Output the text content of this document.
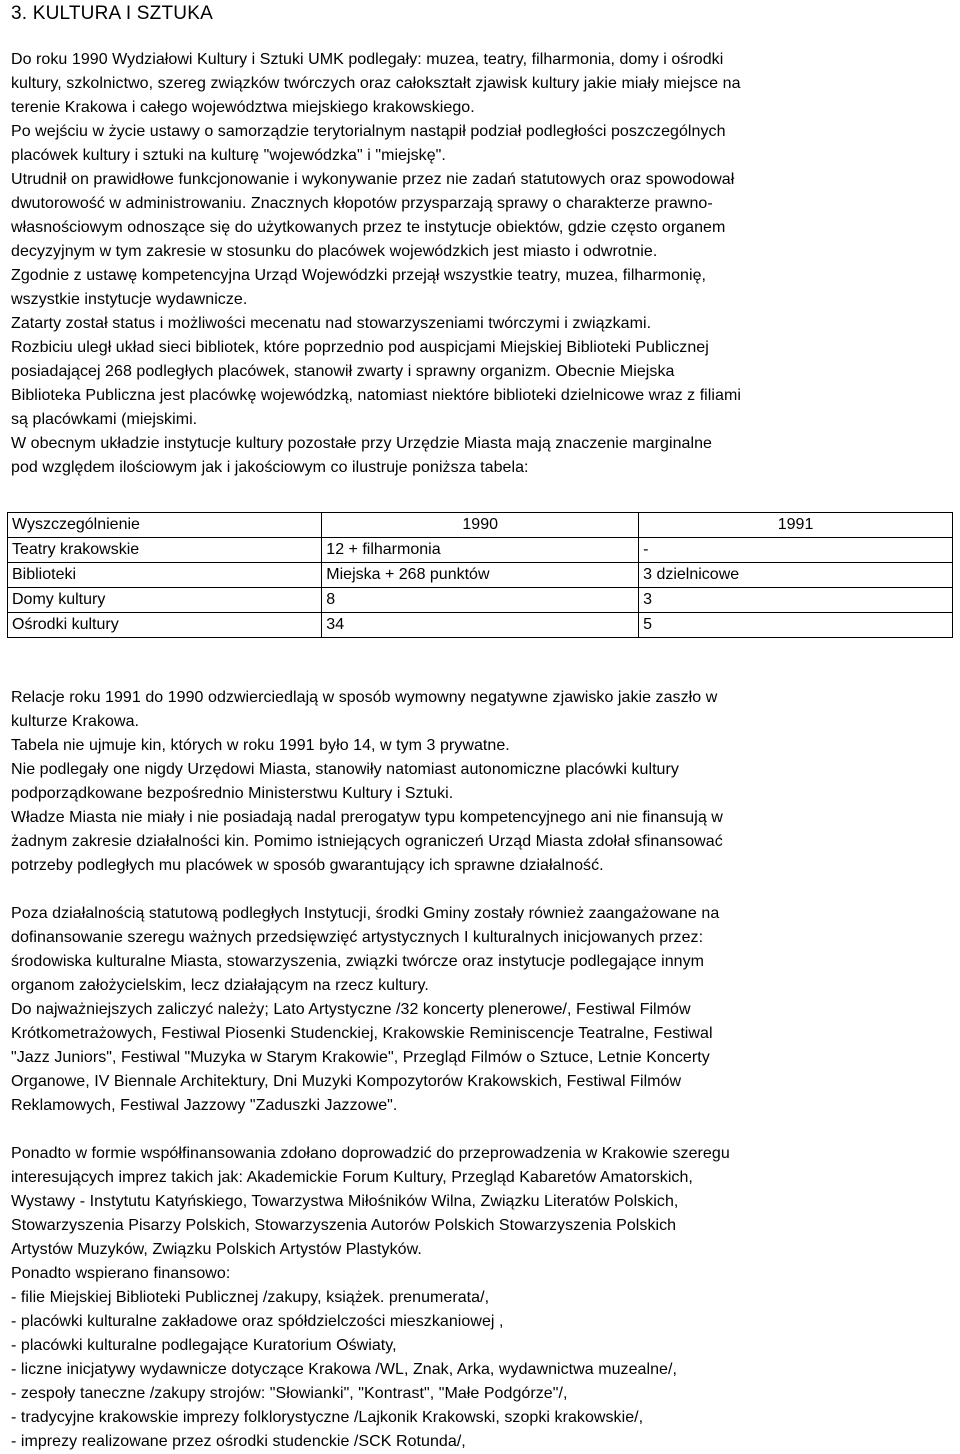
3. KULTURA I SZTUKA

Do roku 1990 Wydziałowi Kultury i Sztuki UMK podlegały: muzea, teatry, filharmonia, domy i ośrodki
kultury, szkolnictwo, szereg związków twórczych oraz całokształt zjawisk kultury jakie miały miejsce na
terenie Krakowa i całego województwa miejskiego krakowskiego.
Po wejściu w życie ustawy o samorządzie terytorialnym nastąpił podział podległości poszczególnych
placówek kultury i sztuki na kulturę "wojewódzka" i "miejskę".
Utrudnił on prawidłowe funkcjonowanie i wykonywanie przez nie zadań statutowych oraz spowodował
dwutorowość w administrowaniu. Znacznych kłopotów przysparzają sprawy o charakterze prawno-
własnościowym odnoszące się do użytkowanych przez te instytucje obiektów, gdzie często organem
decyzyjnym w tym zakresie w stosunku do placówek wojewódzkich jest miasto i odwrotnie.
Zgodnie z ustawę kompetencyjna Urząd Wojewódzki przejął wszystkie teatry, muzea, filharmonię,
wszystkie instytucje wydawnicze.
Zatarty został status i możliwości mecenatu nad stowarzyszeniami twórczymi i związkami.
Rozbiciu uległ układ sieci bibliotek, które poprzednio pod auspicjami Miejskiej Biblioteki Publicznej
posiadającej 268 podległych placówek, stanowił zwarty i sprawny organizm. Obecnie Miejska
Biblioteka Publiczna jest placówkę wojewódzką, natomiast niektóre biblioteki dzielnicowe wraz z filiami
są placówkami (miejskimi.
W obecnym układzie instytucje kultury pozostałe przy Urzędzie Miasta mają znaczenie marginalne
pod względem ilościowym jak i jakościowym co ilustruje poniższa tabela:

Wyszczególnienie	1990	1991
Teatry krakowskie	12 + filharmonia	-
Biblioteki	Miejska + 268 punktów	3 dzielnicowe
Domy kultury	8	3
Ośrodki kultury	34	5

Relacje roku 1991 do 1990 odzwierciedlają w sposób wymowny negatywne zjawisko jakie zaszło w
kulturze Krakowa.
Tabela nie ujmuje kin, których w roku 1991 było 14, w tym 3 prywatne.
Nie podlegały one nigdy Urzędowi Miasta, stanowiły natomiast autonomiczne placówki kultury
podporządkowane bezpośrednio Ministerstwu Kultury i Sztuki.
Władze Miasta nie miały i nie posiadają nadal prerogatyw typu kompetencyjnego ani nie finansują w
żadnym zakresie działalności kin. Pomimo istniejących ograniczeń Urząd Miasta zdołał sfinansować
potrzeby podległych mu placówek w sposób gwarantujący ich sprawne działalność.

Poza działalnością statutową podległych Instytucji, środki Gminy zostały również zaangażowane na
dofinansowanie szeregu ważnych przedsięwzięć artystycznych I kulturalnych inicjowanych przez:
środowiska kulturalne Miasta, stowarzyszenia, związki twórcze oraz instytucje podlegające innym
organom założycielskim, lecz działającym na rzecz kultury.
Do najważniejszych zaliczyć należy; Lato Artystyczne /32 koncerty plenerowe/, Festiwal Filmów
Krótkometrażowych, Festiwal Piosenki Studenckiej, Krakowskie Reminiscencje Teatralne, Festiwal
"Jazz Juniors", Festiwal "Muzyka w Starym Krakowie", Przegląd Filmów o Sztuce, Letnie Koncerty
Organowe, IV Biennale Architektury, Dni Muzyki Kompozytorów Krakowskich, Festiwal Filmów
Reklamowych, Festiwal Jazzowy "Zaduszki Jazzowe".

Ponadto w formie współfinansowania zdołano doprowadzić do przeprowadzenia w Krakowie szeregu
interesujących imprez takich jak: Akademickie Forum Kultury, Przegląd Kabaretów Amatorskich,
Wystawy - Instytutu Katyńskiego, Towarzystwa Miłośników Wilna, Związku Literatów Polskich,
Stowarzyszenia Pisarzy Polskich, Stowarzyszenia Autorów Polskich Stowarzyszenia Polskich
Artystów Muzyków, Związku Polskich Artystów Plastyków.
Ponadto wspierano finansowo:
- filie Miejskiej Biblioteki Publicznej /zakupy, książek. prenumerata/,
- placówki kulturalne zakładowe oraz spółdzielczości mieszkaniowej ,
- placówki kulturalne podlegające Kuratorium Oświaty,
- liczne inicjatywy wydawnicze dotyczące Krakowa /WL, Znak, Arka, wydawnictwa muzealne/,
- zespoły taneczne /zakupy strojów: "Słowianki", "Kontrast", "Małe Podgórze"/,
- tradycyjne krakowskie imprezy folklorystyczne /Lajkonik Krakowski, szopki krakowskie/,
- imprezy realizowane przez ośrodki studenckie /SCK Rotunda/,
